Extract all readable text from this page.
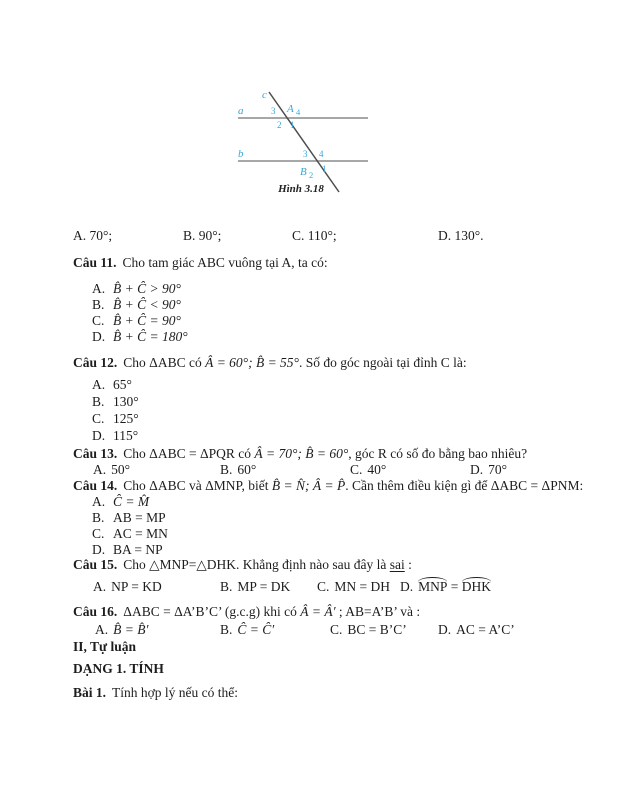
a
b
c
A 4
3
2 1
3 4
B 2
1
Hình 3.18
A. 70°;	B. 90°;	C. 110°;	D. 130°.
Câu 11. Cho tam giác ABC vuông tại A, ta có:
A. B̂ + Ĉ > 90°
B. B̂ + Ĉ < 90°
C. B̂ + Ĉ = 90°
D. B̂ + Ĉ = 180°
Câu 12. Cho ΔABC có Â = 60°; B̂ = 55°. Số đo góc ngoài tại đỉnh C là:
A. 65°
B. 130°
C. 125°
D. 115°
Câu 13. Cho ΔABC = ΔPQR có Â = 70°; B̂ = 60°, góc R có số đo bằng bao nhiêu?
A. 50°	B. 60°	C. 40°	D. 70°
Câu 14. Cho ΔABC và ΔMNP, biết B̂ = N̂; Â = P̂. Cần thêm điều kiện gì để ΔABC = ΔPNM:
A. Ĉ = M̂
B. AB = MP
C. AC = MN
D. BA = NP
Câu 15. Cho △MNP=△DHK. Khẳng định nào sau đây là sai :
A. NP = KD	B. MP = DK C. MN = DH D. MNP = DHK
Câu 16. ΔABC = ΔA’B’C’ (g.c.g) khi có Â = Â′ ; AB=A’B’ và :
A. B̂ = B̂′	B. Ĉ = Ĉ′	C. BC = B’C’ D. AC = A’C’
II, Tự luận
DẠNG 1. TÍNH
Bài 1. Tính hợp lý nếu có thể:
